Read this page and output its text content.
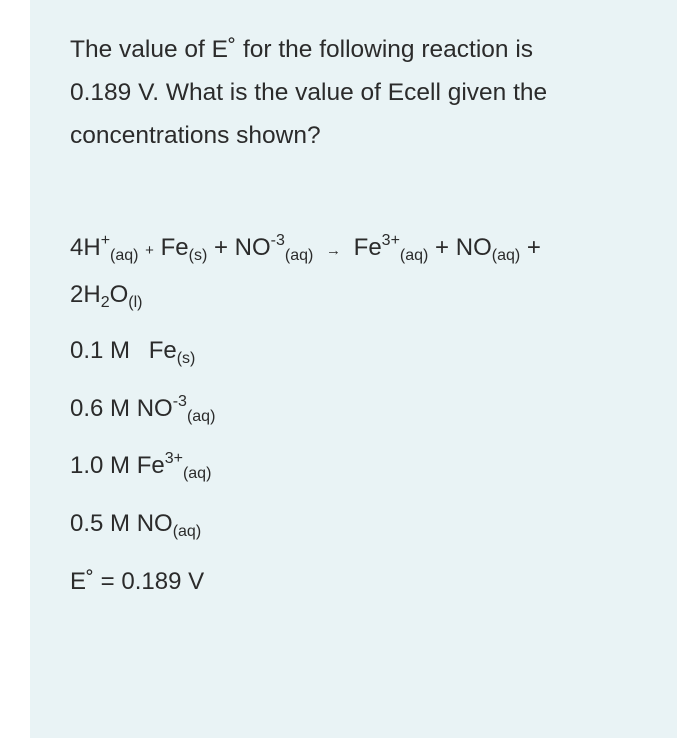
The value of E˚ for the following reaction is
0.189 V. What is the value of Ecell given the
concentrations shown?
$4H^+_{(aq)} + Fe_{(s)} + NO^{-3}_{(aq)} \to Fe^{3+}_{(aq)} + NO_{(aq)}$ +
$2H_2O_{(l)}$
0.1 M $Fe_{(s)}$
0.6 M $NO^{-3}_{(aq)}$
1.0 M $Fe^{3+}_{(aq)}$
0.5 M $NO_{(aq)}$
E˚ = 0.189 V
